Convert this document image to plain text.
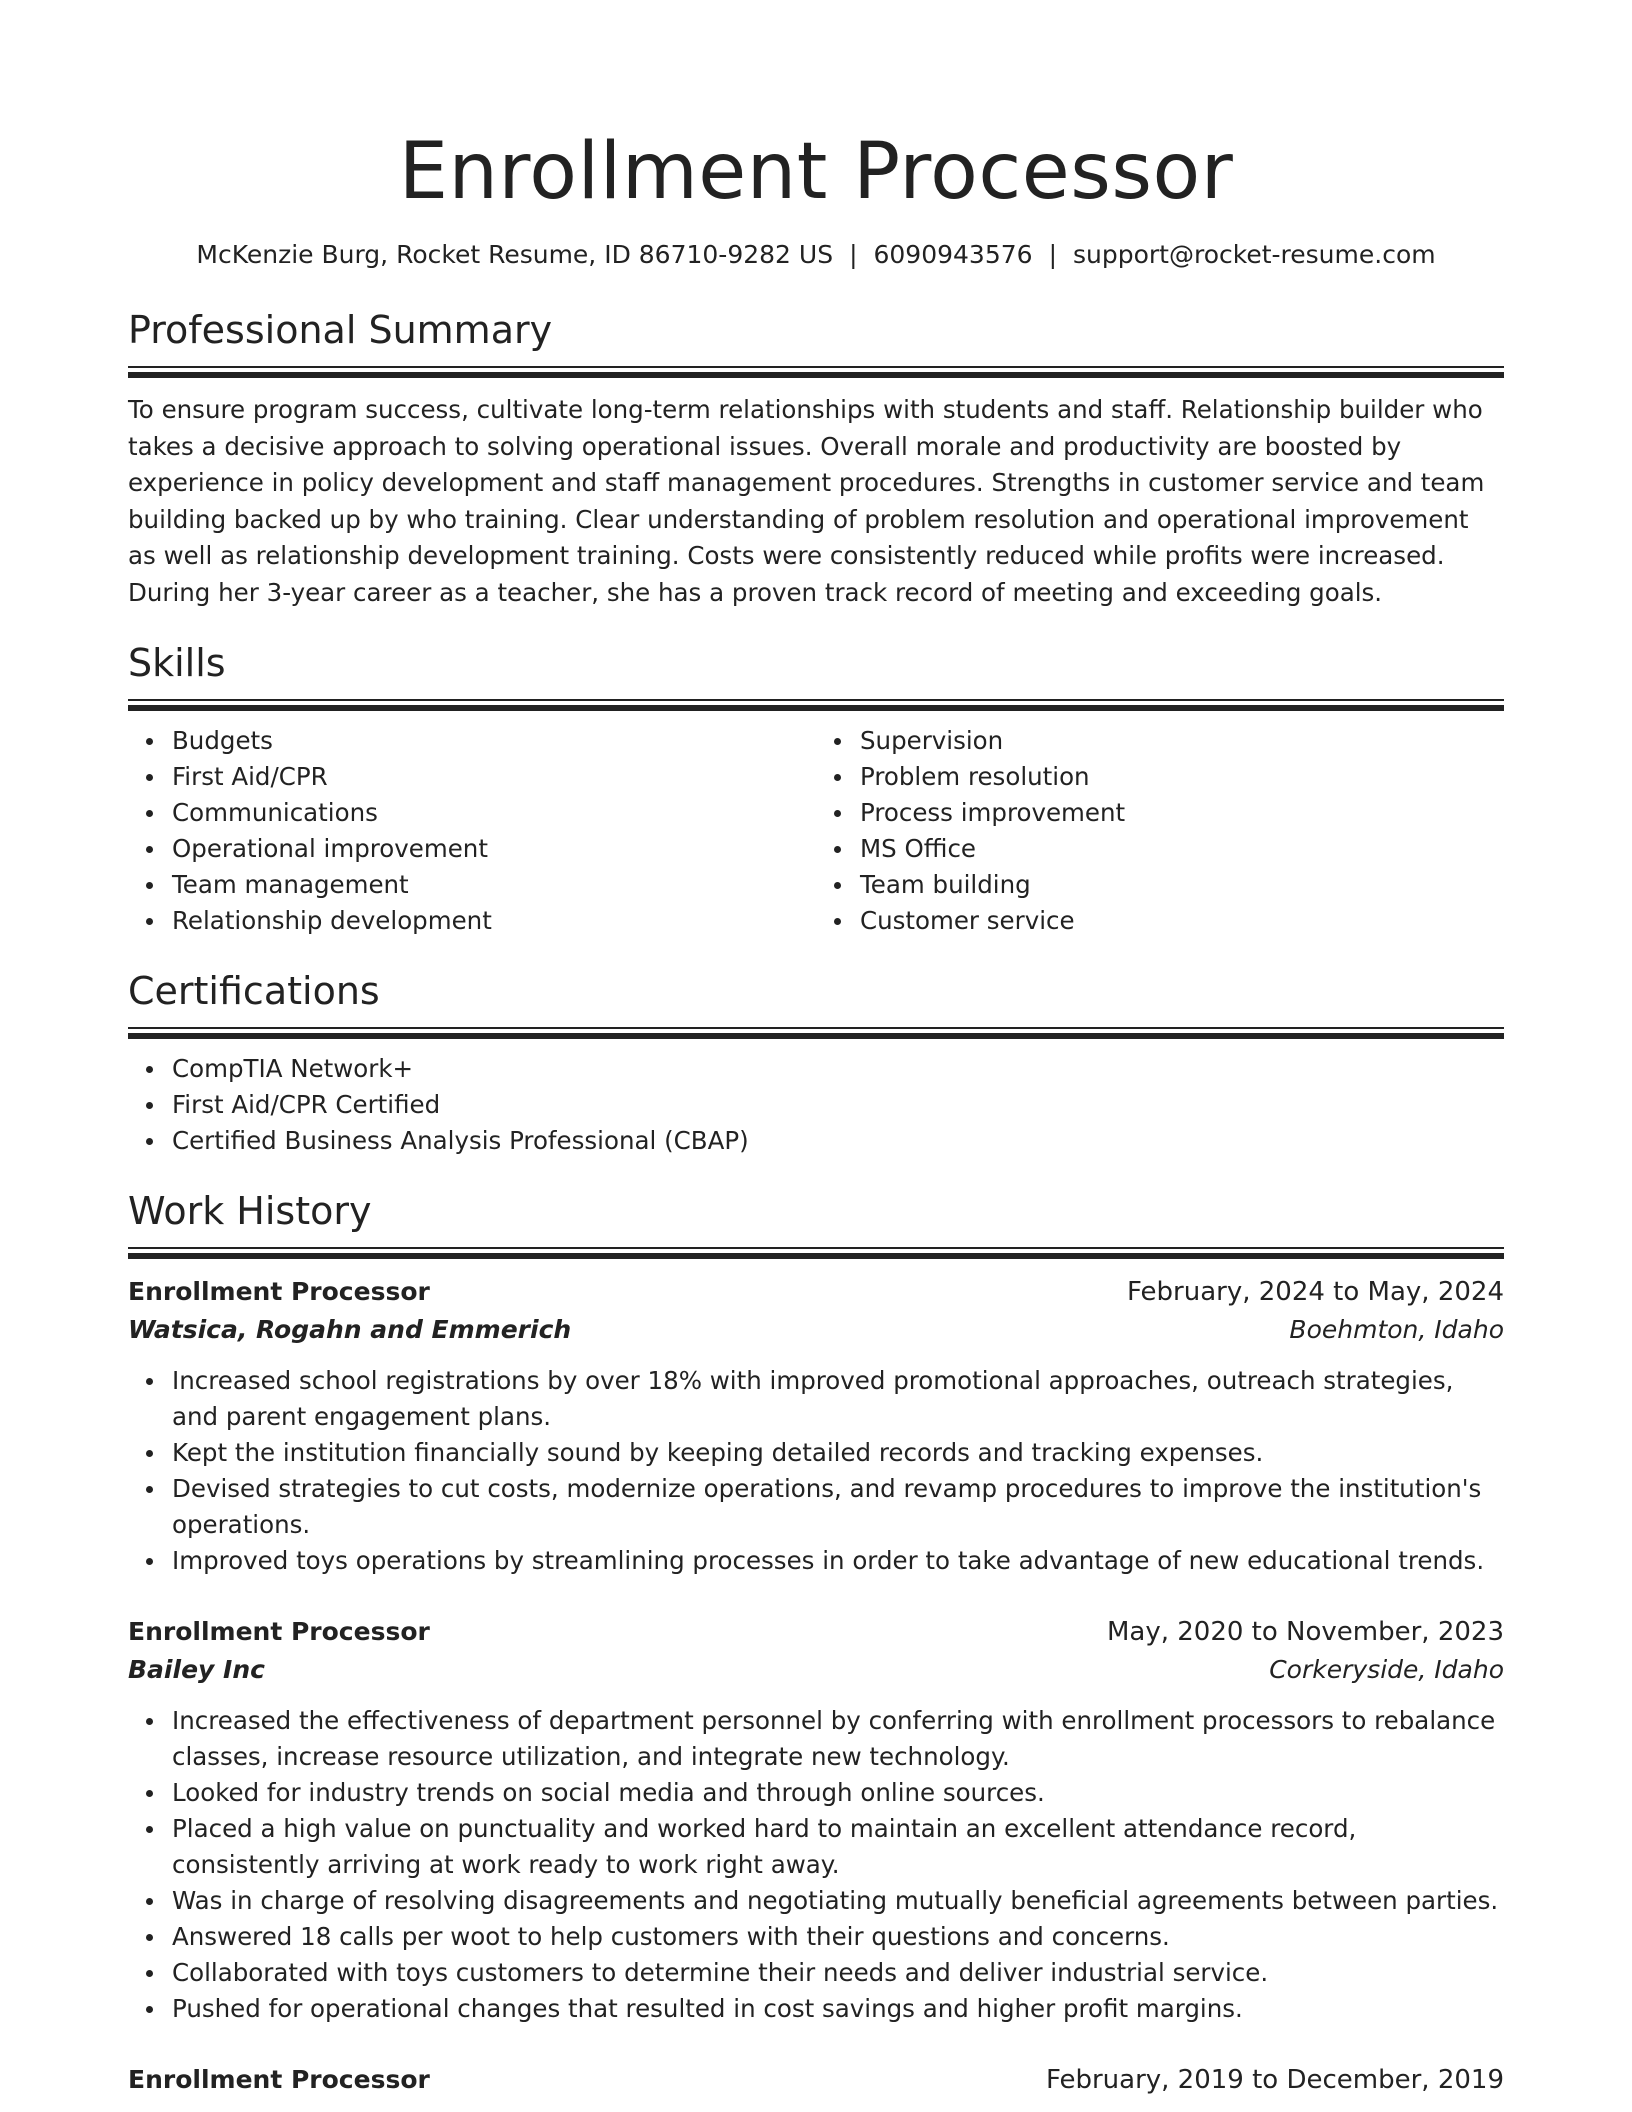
Enrollment Processor
McKenzie Burg, Rocket Resume, ID 86710-9282 US | 6090943576 | support@rocket-resume.com
Professional Summary

To ensure program success, cultivate long-term relationships with students and staff. Relationship builder who takes a decisive approach to solving operational issues. Overall morale and productivity are boosted by experience in policy development and staff management procedures. Strengths in customer service and team building backed up by who training. Clear understanding of problem resolution and operational improvement as well as relationship development training. Costs were consistently reduced while profits were increased. During her 3-year career as a teacher, she has a proven track record of meeting and exceeding goals.

Skills
Budgets
First Aid/CPR
Communications
Operational improvement
Team management
Relationship development
Supervision
Problem resolution
Process improvement
MS Office
Team building
Customer service
Certifications
CompTIA Network+
First Aid/CPR Certified
Certified Business Analysis Professional (CBAP)
Work History
Enrollment Processor	February, 2024 to May, 2024
Watsica, Rogahn and Emmerich	Boehmton, Idaho
Increased school registrations by over 18% with improved promotional approaches, outreach strategies, and parent engagement plans.
Kept the institution financially sound by keeping detailed records and tracking expenses.
Devised strategies to cut costs, modernize operations, and revamp procedures to improve the institution's operations.
Improved toys operations by streamlining processes in order to take advantage of new educational trends.
Enrollment Processor	May, 2020 to November, 2023
Bailey Inc	Corkeryside, Idaho
Increased the effectiveness of department personnel by conferring with enrollment processors to rebalance classes, increase resource utilization, and integrate new technology.
Looked for industry trends on social media and through online sources.
Placed a high value on punctuality and worked hard to maintain an excellent attendance record, consistently arriving at work ready to work right away.
Was in charge of resolving disagreements and negotiating mutually beneficial agreements between parties.
Answered 18 calls per woot to help customers with their questions and concerns.
Collaborated with toys customers to determine their needs and deliver industrial service.
Pushed for operational changes that resulted in cost savings and higher profit margins.
Enrollment Processor	February, 2019 to December, 2019
